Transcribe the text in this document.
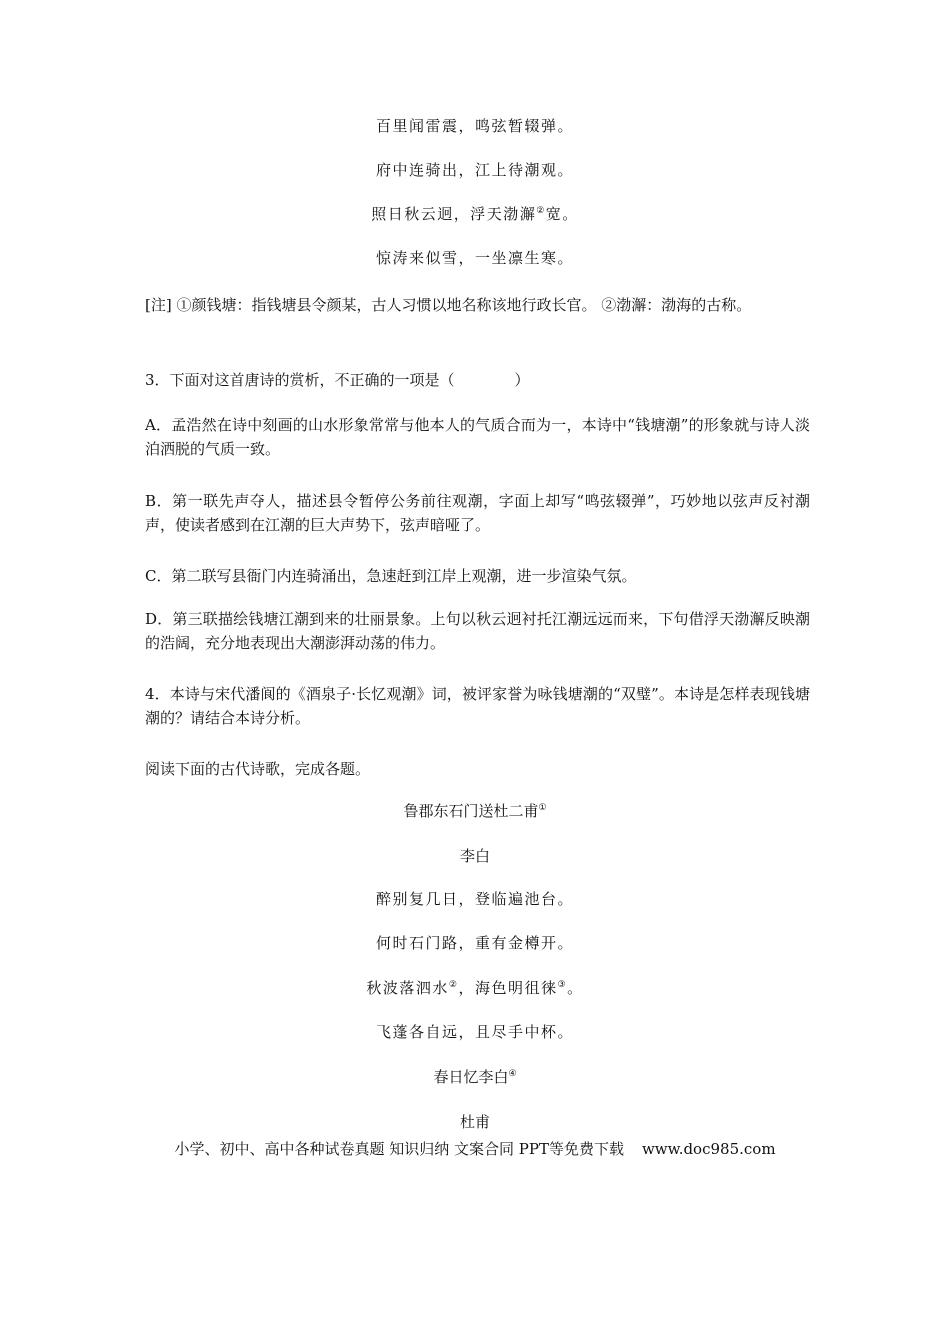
百里闻雷震，鸣弦暂辍弹。
府中连骑出，江上待潮观。
照日秋云迥，浮天渤澥②宽。
惊涛来似雪，一坐凛生寒。
[注] ①颜钱塘：指钱塘县令颜某，古人习惯以地名称该地行政长官。 ②渤澥：渤海的古称。
3．下面对这首唐诗的赏析，不正确的一项是（　　　　）
A．孟浩然在诗中刻画的山水形象常常与他本人的气质合而为一，本诗中“钱塘潮”的形象就与诗人淡泊洒脱的气质一致。
B．第一联先声夺人，描述县令暂停公务前往观潮，字面上却写“鸣弦辍弹”，巧妙地以弦声反衬潮声，使读者感到在江潮的巨大声势下，弦声暗哑了。
C．第二联写县衙门内连骑涌出，急速赶到江岸上观潮，进一步渲染气氛。
D．第三联描绘钱塘江潮到来的壮丽景象。上句以秋云迥衬托江潮远远而来，下句借浮天渤澥反映潮的浩阔，充分地表现出大潮澎湃动荡的伟力。
4．本诗与宋代潘阆的《酒泉子·长忆观潮》词，被评家誉为咏钱塘潮的“双璧”。本诗是怎样表现钱塘潮的？请结合本诗分析。
阅读下面的古代诗歌，完成各题。
鲁郡东石门送杜二甫①
李白
醉别复几日，登临遍池台。
何时石门路，重有金樽开。
秋波落泗水②，海色明徂徕③。
飞蓬各自远，且尽手中杯。
春日忆李白④
杜甫
小学、初中、高中各种试卷真题 知识归纳 文案合同 PPT等免费下载 www.doc985.com
